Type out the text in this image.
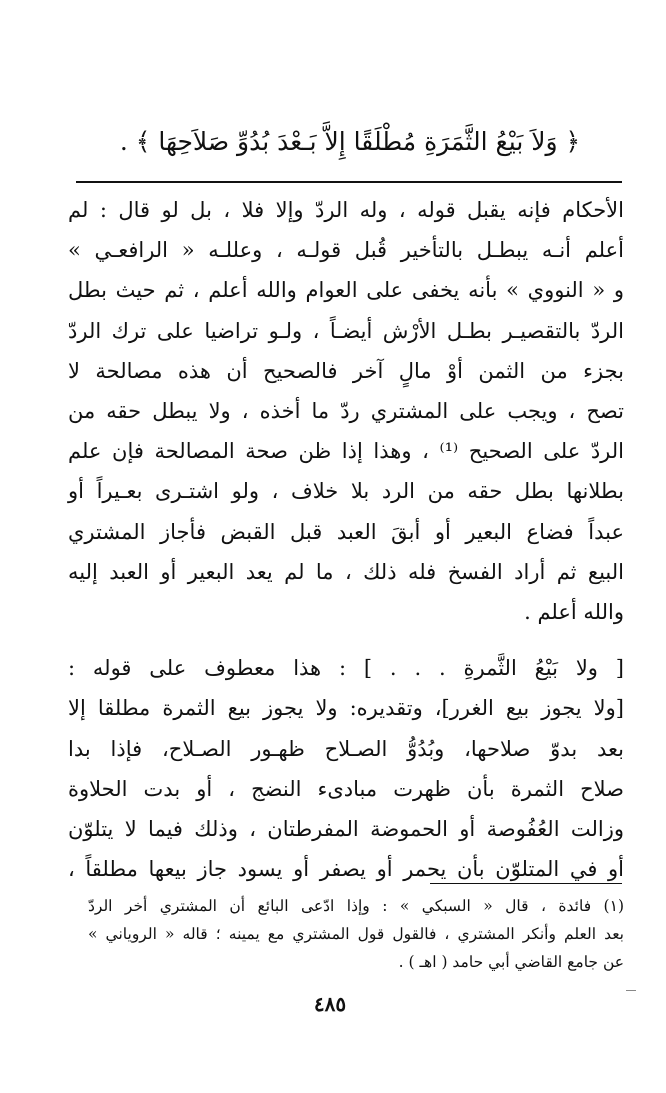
﴿ وَلاَ بَيْعُ الثَّمَرَةِ مُطْلَقًا إِلاَّ بَـعْدَ بُدُوِّ صَلاَحِهَا ﴾ .

الأحكام فإنه يقبل قوله ، وله الردّ وإلا فلا ، بل لو قال : لم
أعلم أنـه يبطـل بالتأخير قُبل قولـه ، وعللـه « الرافعـي »
و « النووي » بأنه يخفى على العوام والله أعلم ، ثم حيث بطل
الردّ بالتقصيـر بطـل الأرْش أيضـاً ، ولـو تراضيا على ترك الردّ
بجزء من الثمن أوْ مالٍ آخر فالصحيح أن هذه مصالحة لا
تصح ، ويجب على المشتري ردّ ما أخذه ، ولا يبطل حقه من
الردّ على الصحيح ⁽¹⁾ ، وهذا إذا ظن صحة المصالحة فإن علم
بطلانها بطل حقه من الرد بلا خلاف ، ولو اشتـرى بعـيراً أو
عبداً فضاع البعير أو أبقَ العبد قبل القبض فأجاز المشتري
البيع ثم أراد الفسخ فله ذلك ، ما لم يعد البعير أو العبد إليه
والله أعلم .

[ ولا بَيْعُ الثَّمرةِ . . . ] : هذا معطوف على قوله :
[ولا يجوز بيع الغرر]، وتقديره: ولا يجوز بيع الثمرة مطلقا إلا
بعد بدوّ صلاحها، وبُدُوُّ الصـلاح ظهـور الصـلاح، فإذا بدا
صلاح الثمرة بأن ظهرت مبادىء النضج ، أو بدت الحلاوة
وزالت العُفُوصة أو الحموضة المفرطتان ، وذلك فيما لا يتلوّن
أو في المتلوّن بأن يحمر أو يصفر أو يسود جاز بيعها مطلقاً ،

(١) فائدة ، قال « السبكي » : وإذا ادّعى البائع أن المشتري أخر الردّ
بعد العلم وأنكر المشتري ، فالقول قول المشتري مع يمينه ؛ قاله « الروياني »
عن جامع القاضي أبي حامد ( اهـ ) .
٤٨٥
